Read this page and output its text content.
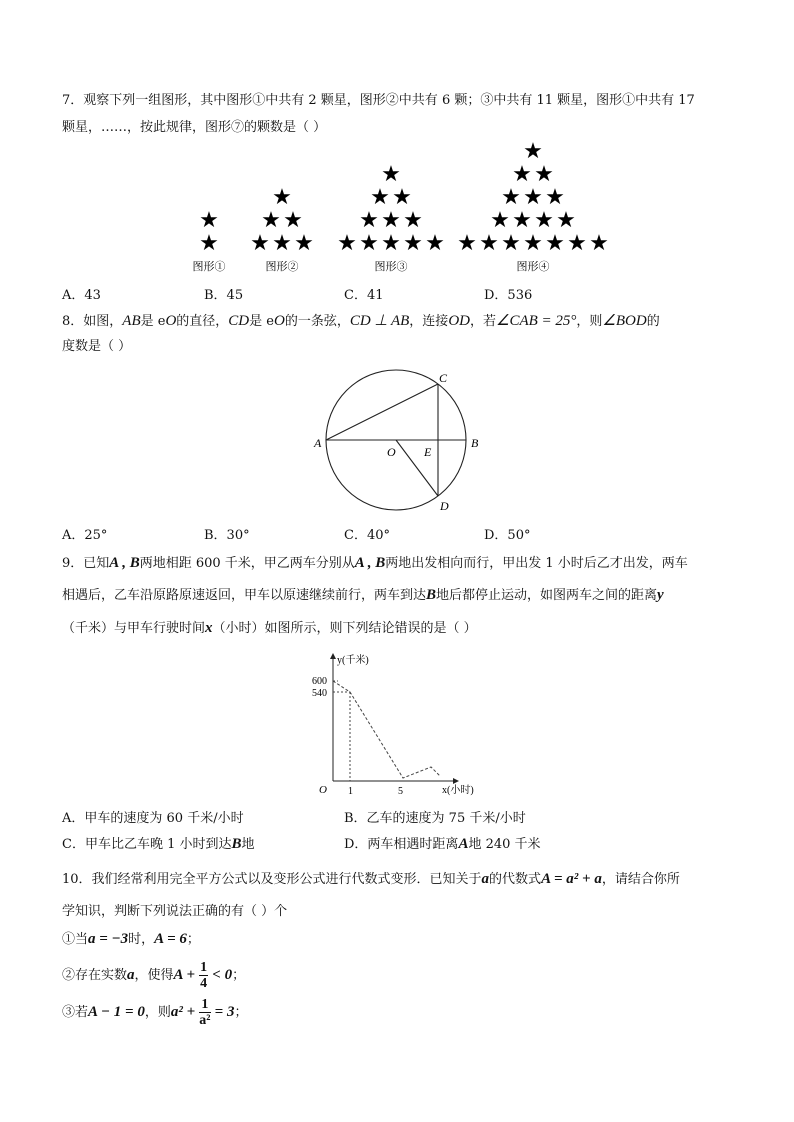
7．观察下列一组图形，其中图形①中共有 2 颗星，图形②中共有 6 颗；③中共有 11 颗星，图形①中共有 17
颗星，……，按此规律，图形⑦的颗数是（ ）
★
★
图形①
★
★ ★
★ ★ ★
图形②
★
★ ★
★ ★ ★
★ ★ ★ ★ ★
图形③
★
★ ★
★ ★ ★
★ ★ ★ ★
★ ★ ★ ★ ★ ★ ★
图形④
A．43	B．45	C．41	D．536
8．如图，AB是 eO的直径，CD是 eO的一条弦，CD ⊥ AB，连接OD，若∠CAB = 25°，则∠BOD的
度数是（ ）
A	B
C
D
E
O
A．25°	B．30°	C．40°	D．50°
9．已知A , B两地相距 600 千米，甲乙两车分别从A , B两地出发相向而行，甲出发 1 小时后乙才出发，两车
相遇后，乙车沿原路原速返回，甲车以原速继续前行，两车到达B地后都停止运动，如图两车之间的距离y
（千米）与甲车行驶时间x（小时）如图所示，则下列结论错误的是（ ）
y(千米)
x(小时)
O
600
540
1	5
A．甲车的速度为 60 千米/小时	B．乙车的速度为 75 千米/小时
C．甲车比乙车晚 1 小时到达B地	D．两车相遇时距离A地 240 千米
10．我们经常利用完全平方公式以及变形公式进行代数式变形．已知关于a的代数式A = a² + a，请结合你所
学知识，判断下列说法正确的有（ ）个
①当a = −3时，A = 6；
②存在实数a，使得$A + \frac{1}{4} < 0$；
③若A − 1 = 0，则$a^2 + \frac{1}{\text{a²}} = 3$；
